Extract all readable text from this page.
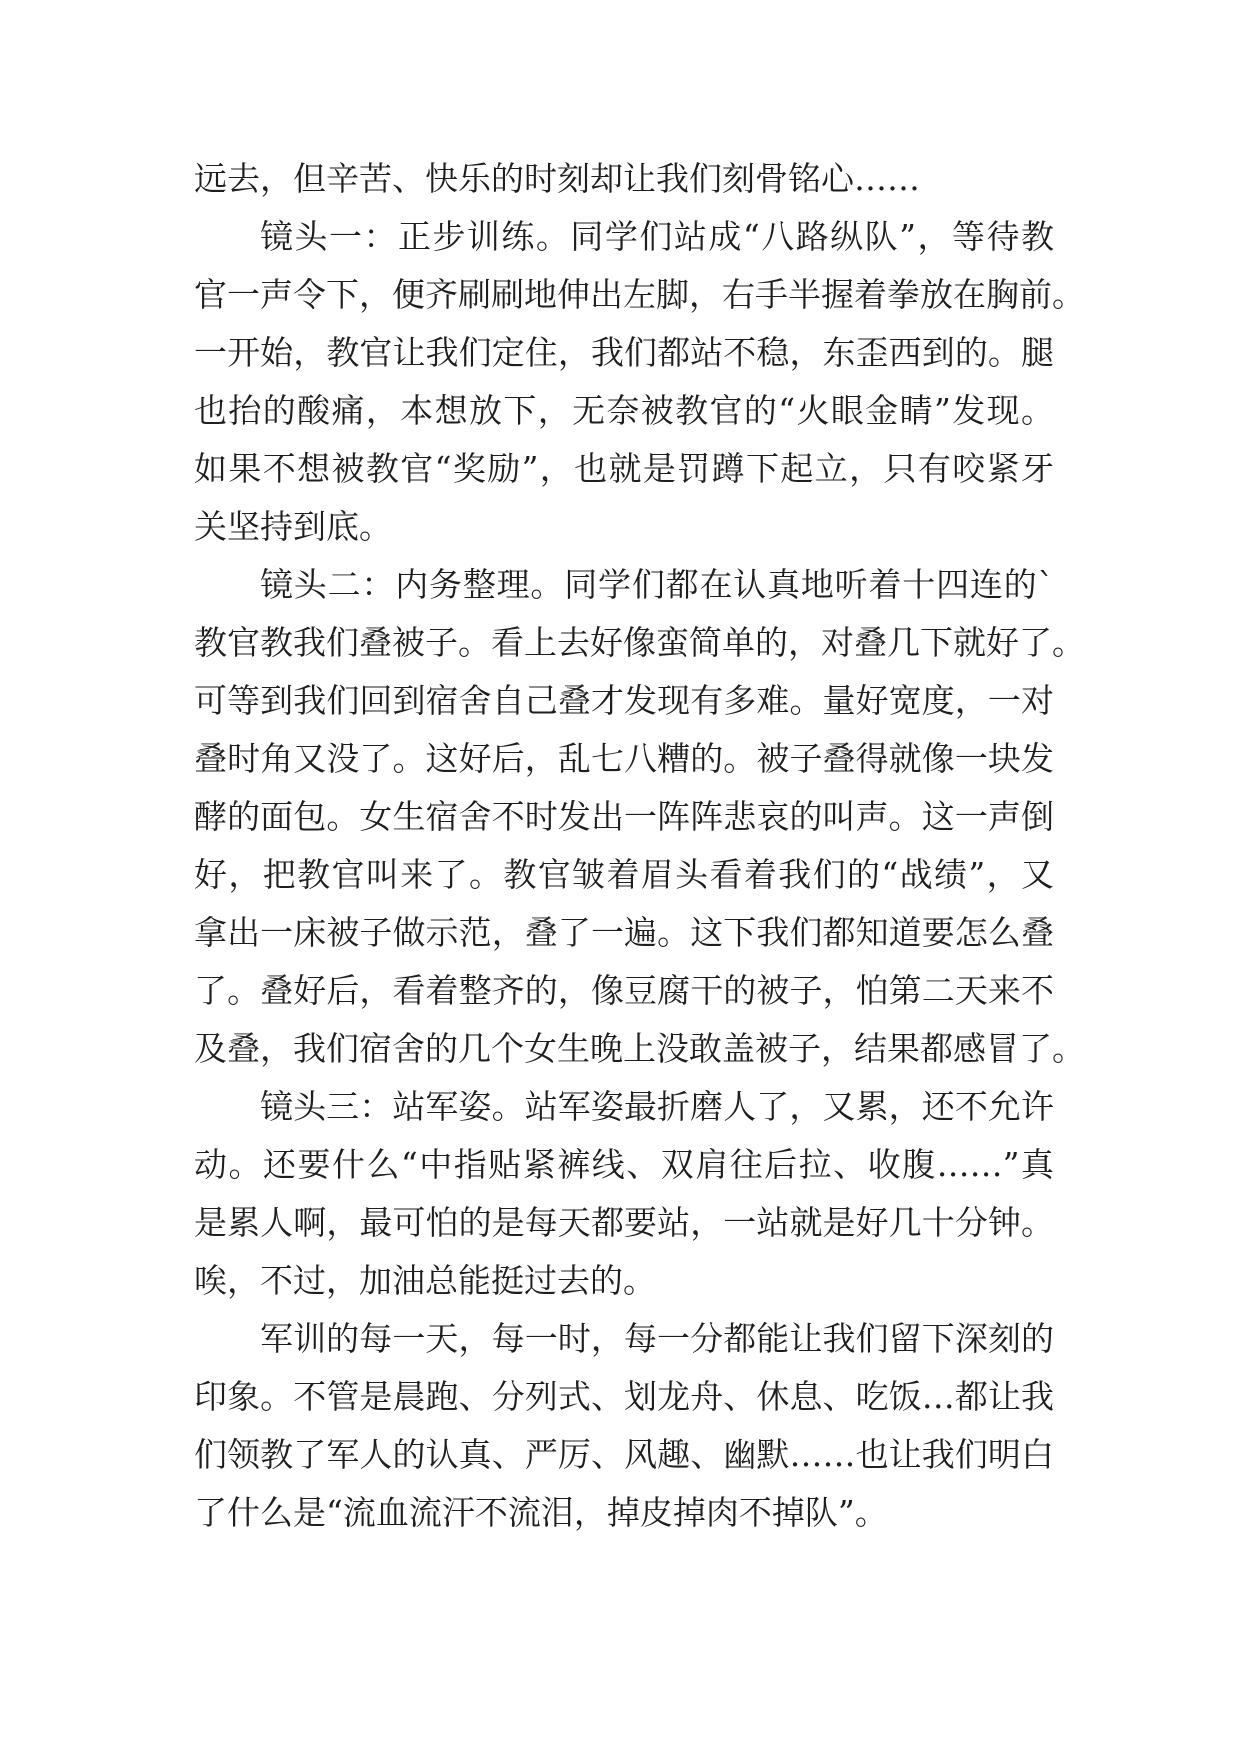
远去，但辛苦、快乐的时刻却让我们刻骨铭心……

镜头一：正步训练。同学们站成“八路纵队”，等待教

官一声令下，便齐刷刷地伸出左脚，右手半握着拳放在胸前。

一开始，教官让我们定住，我们都站不稳，东歪西到的。腿

也抬的酸痛，本想放下，无奈被教官的“火眼金睛”发现。

如果不想被教官“奖励”，也就是罚蹲下起立，只有咬紧牙

关坚持到底。

镜头二：内务整理。同学们都在认真地听着十四连的`

教官教我们叠被子。看上去好像蛮简单的，对叠几下就好了。

可等到我们回到宿舍自己叠才发现有多难。量好宽度，一对

叠时角又没了。这好后，乱七八糟的。被子叠得就像一块发

酵的面包。女生宿舍不时发出一阵阵悲哀的叫声。这一声倒

好，把教官叫来了。教官皱着眉头看着我们的“战绩”，又

拿出一床被子做示范，叠了一遍。这下我们都知道要怎么叠

了。叠好后，看着整齐的，像豆腐干的被子，怕第二天来不

及叠，我们宿舍的几个女生晚上没敢盖被子，结果都感冒了。

镜头三：站军姿。站军姿最折磨人了，又累，还不允许

动。还要什么“中指贴紧裤线、双肩往后拉、收腹……”真

是累人啊，最可怕的是每天都要站，一站就是好几十分钟。

唉，不过，加油总能挺过去的。

军训的每一天，每一时，每一分都能让我们留下深刻的

印象。不管是晨跑、分列式、划龙舟、休息、吃饭…都让我

们领教了军人的认真、严厉、风趣、幽默……也让我们明白

了什么是“流血流汗不流泪，掉皮掉肉不掉队”。
